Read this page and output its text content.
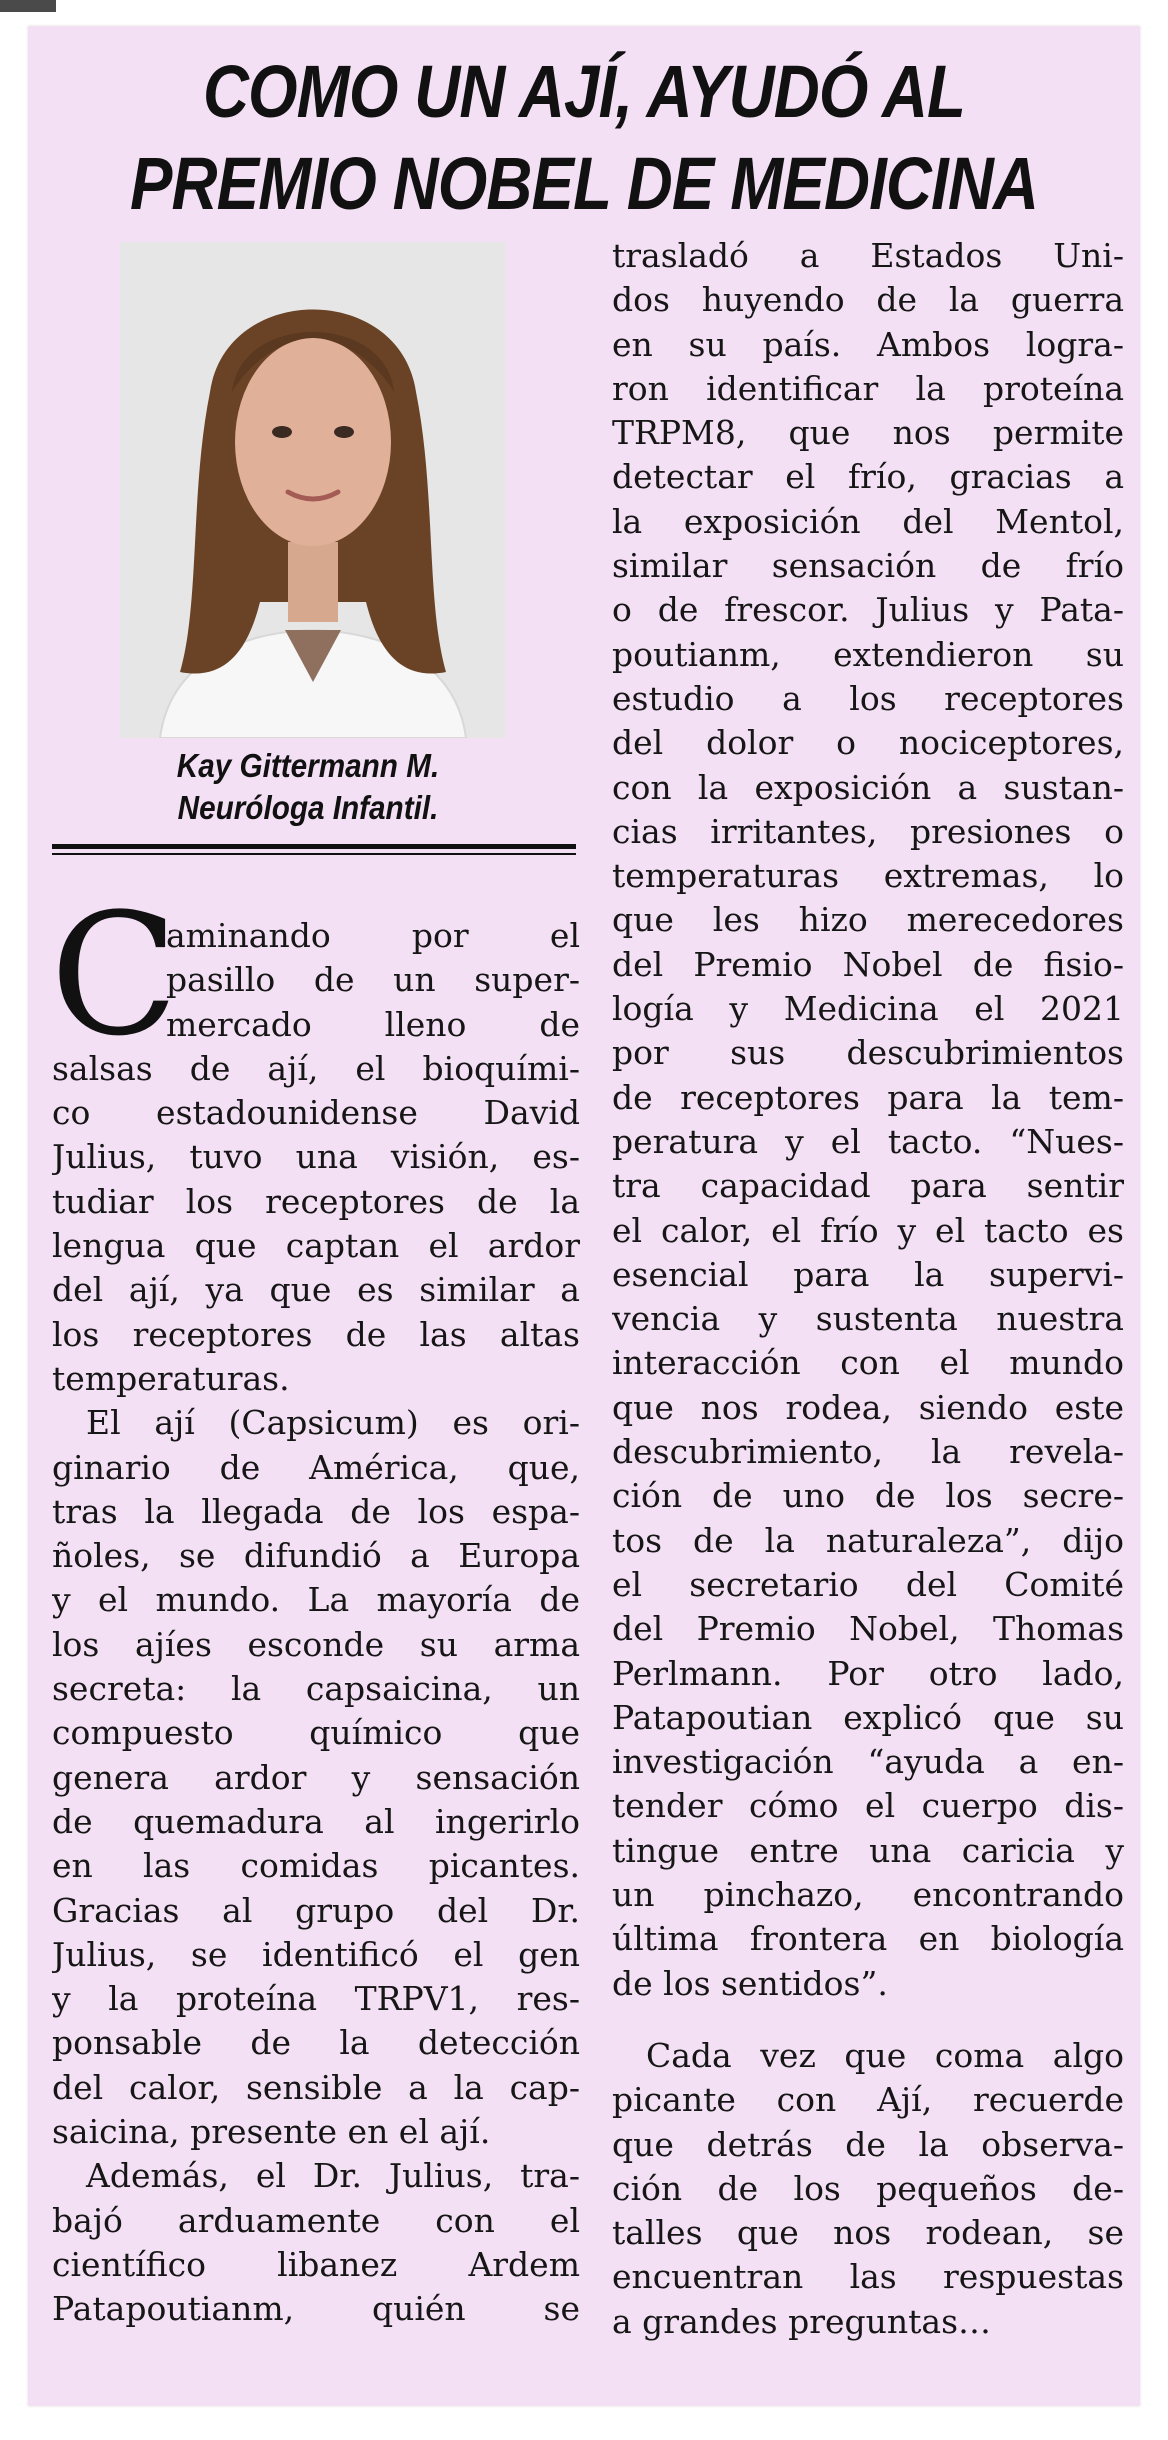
COMO UN AJÍ, AYUDÓ AL
PREMIO NOBEL DE MEDICINA
Kay Gittermann M.
Neuróloga Infantil.
C
aminando por el
pasillo de un super-
mercado lleno de
salsas de ají, el bioquími-
co estadounidense David
Julius, tuvo una visión, es-
tudiar los receptores de la
lengua que captan el ardor
del ají, ya que es similar a
los receptores de las altas
temperaturas.
El ají (Capsicum) es ori-
ginario de América, que,
tras la llegada de los espa-
ñoles, se difundió a Europa
y el mundo. La mayoría de
los ajíes esconde su arma
secreta: la capsaicina, un
compuesto químico que
genera ardor y sensación
de quemadura al ingerirlo
en las comidas picantes.
Gracias al grupo del Dr.
Julius, se identificó el gen
y la proteína TRPV1, res-
ponsable de la detección
del calor, sensible a la cap-
saicina, presente en el ají.
Además, el Dr. Julius, tra-
bajó arduamente con el
científico libanez Ardem
Patapoutianm, quién se
trasladó a Estados Uni-
dos huyendo de la guerra
en su país. Ambos logra-
ron identificar la proteína
TRPM8, que nos permite
detectar el frío, gracias a
la exposición del Mentol,
similar sensación de frío
o de frescor. Julius y Pata-
poutianm, extendieron su
estudio a los receptores
del dolor o nociceptores,
con la exposición a sustan-
cias irritantes, presiones o
temperaturas extremas, lo
que les hizo merecedores
del Premio Nobel de fisio-
logía y Medicina el 2021
por sus descubrimientos
de receptores para la tem-
peratura y el tacto. “Nues-
tra capacidad para sentir
el calor, el frío y el tacto es
esencial para la supervi-
vencia y sustenta nuestra
interacción con el mundo
que nos rodea, siendo este
descubrimiento, la revela-
ción de uno de los secre-
tos de la naturaleza”, dijo
el secretario del Comité
del Premio Nobel, Thomas
Perlmann. Por otro lado,
Patapoutian explicó que su
investigación “ayuda a en-
tender cómo el cuerpo dis-
tingue entre una caricia y
un pinchazo, encontrando
última frontera en biología
de los sentidos”.
Cada vez que coma algo
picante con Ají, recuerde
que detrás de la observa-
ción de los pequeños de-
talles que nos rodean, se
encuentran las respuestas
a grandes preguntas…
